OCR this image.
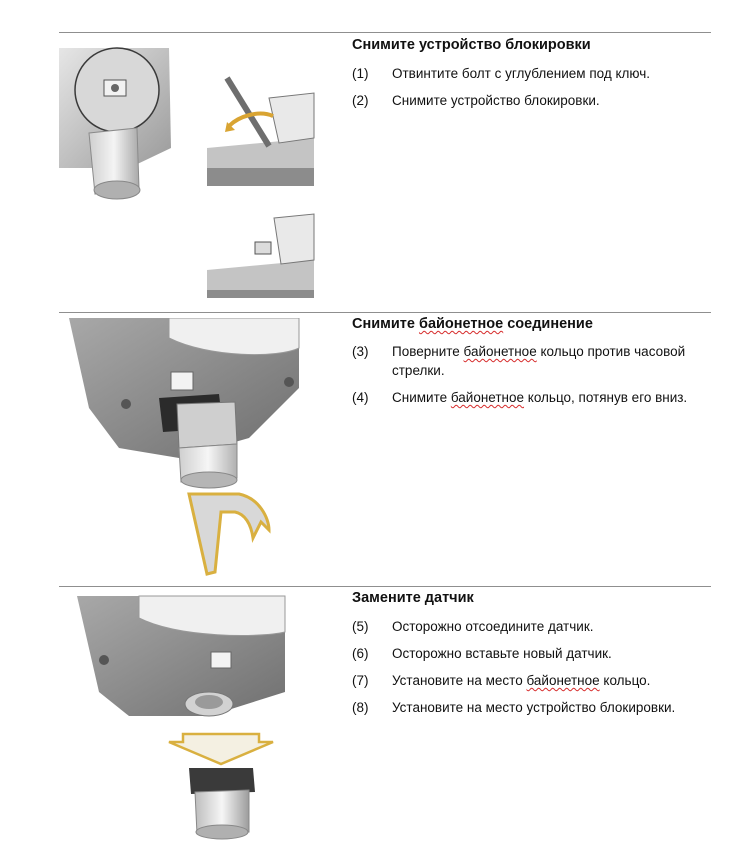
Снимите устройство блокировки
(1)	Отвинтите болт с углублением под ключ.
(2)	Снимите устройство блокировки.
Снимите байонетное соединение
(3)	Поверните байонетное кольцо против часовой стрелки.
(4)	Снимите байонетное кольцо, потянув его вниз.
Замените датчик
(5)	Осторожно отсоедините датчик.
(6)	Осторожно вставьте новый датчик.
(7)	Установите на место байонетное кольцо.
(8)	Установите на место устройство блокировки.
